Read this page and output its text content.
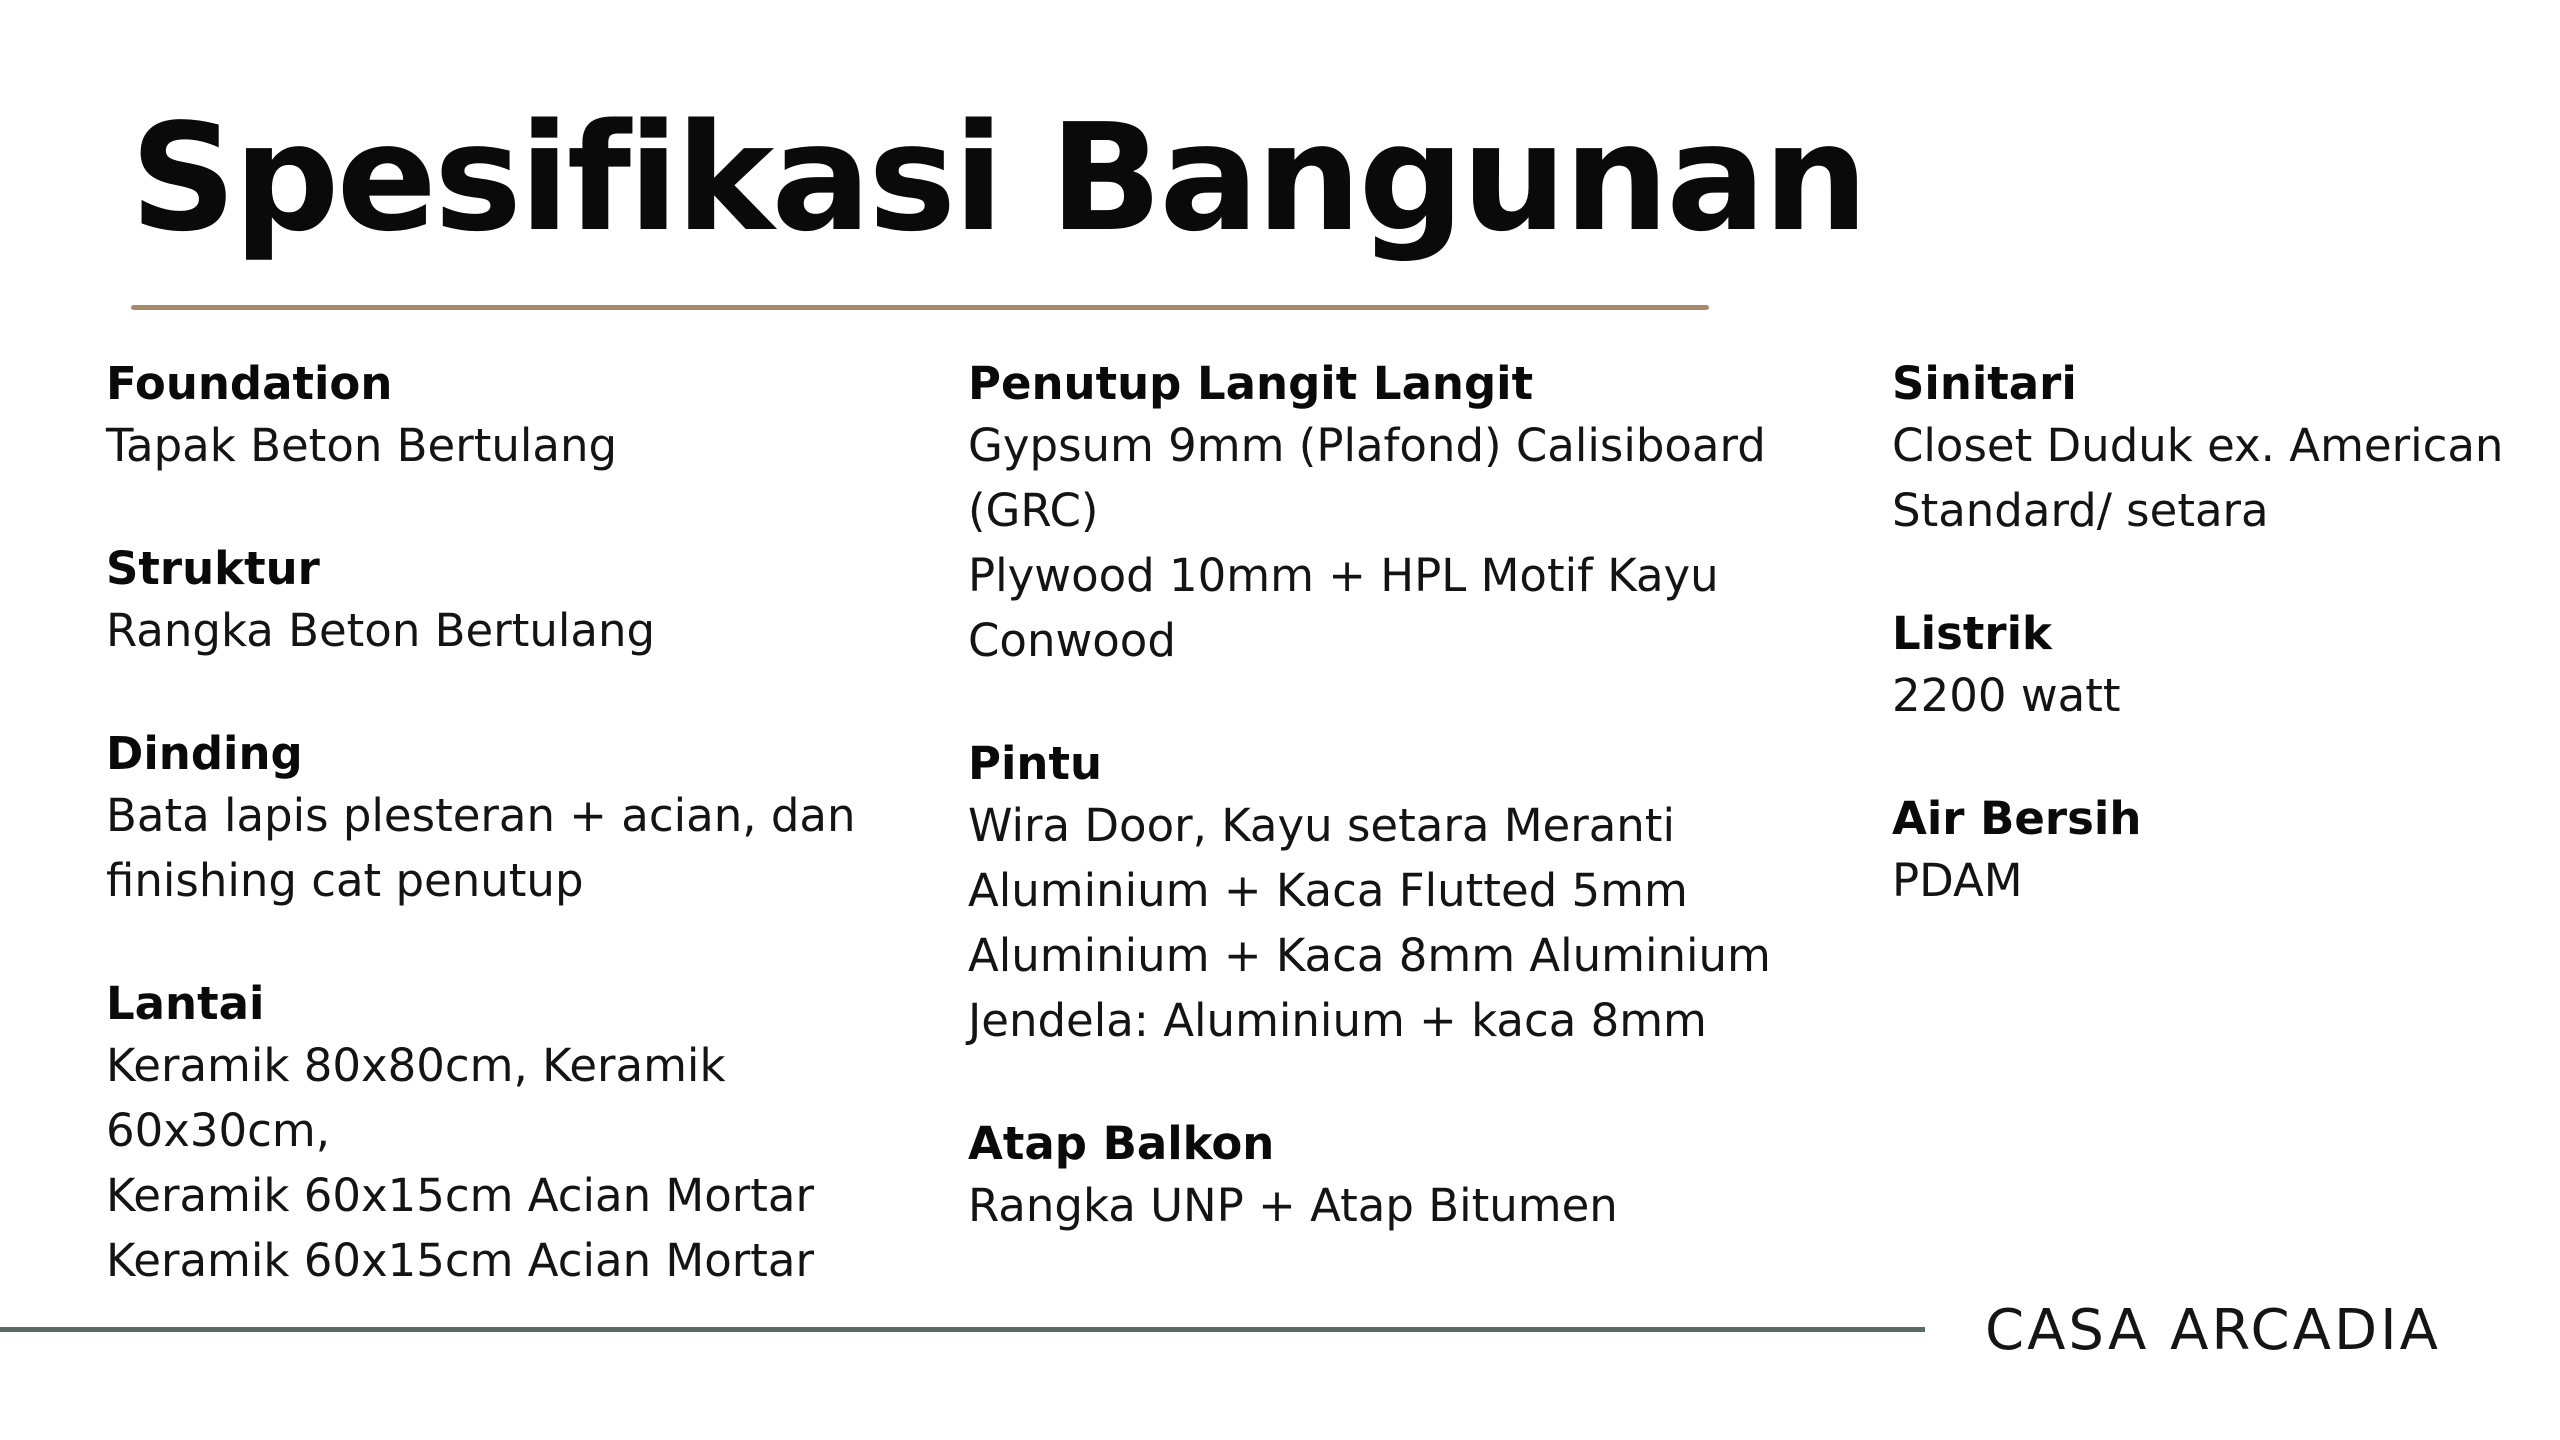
Spesifikasi Bangunan
Foundation
Tapak Beton Bertulang
Struktur
Rangka Beton Bertulang
Dinding
Bata lapis plesteran + acian, dan
finishing cat penutup
Lantai
Keramik 80x80cm, Keramik
60x30cm,
Keramik 60x15cm Acian Mortar
Keramik 60x15cm Acian Mortar
Penutup Langit Langit
Gypsum 9mm (Plafond) Calisiboard
(GRC)
Plywood 10mm + HPL Motif Kayu
Conwood
Pintu
Wira Door, Kayu setara Meranti
Aluminium + Kaca Flutted 5mm
Aluminium + Kaca 8mm Aluminium
Jendela: Aluminium + kaca 8mm
Atap Balkon
Rangka UNP + Atap Bitumen
Sinitari
Closet Duduk ex. American
Standard/ setara
Listrik
2200 watt
Air Bersih
PDAM
CASA ARCADIA
